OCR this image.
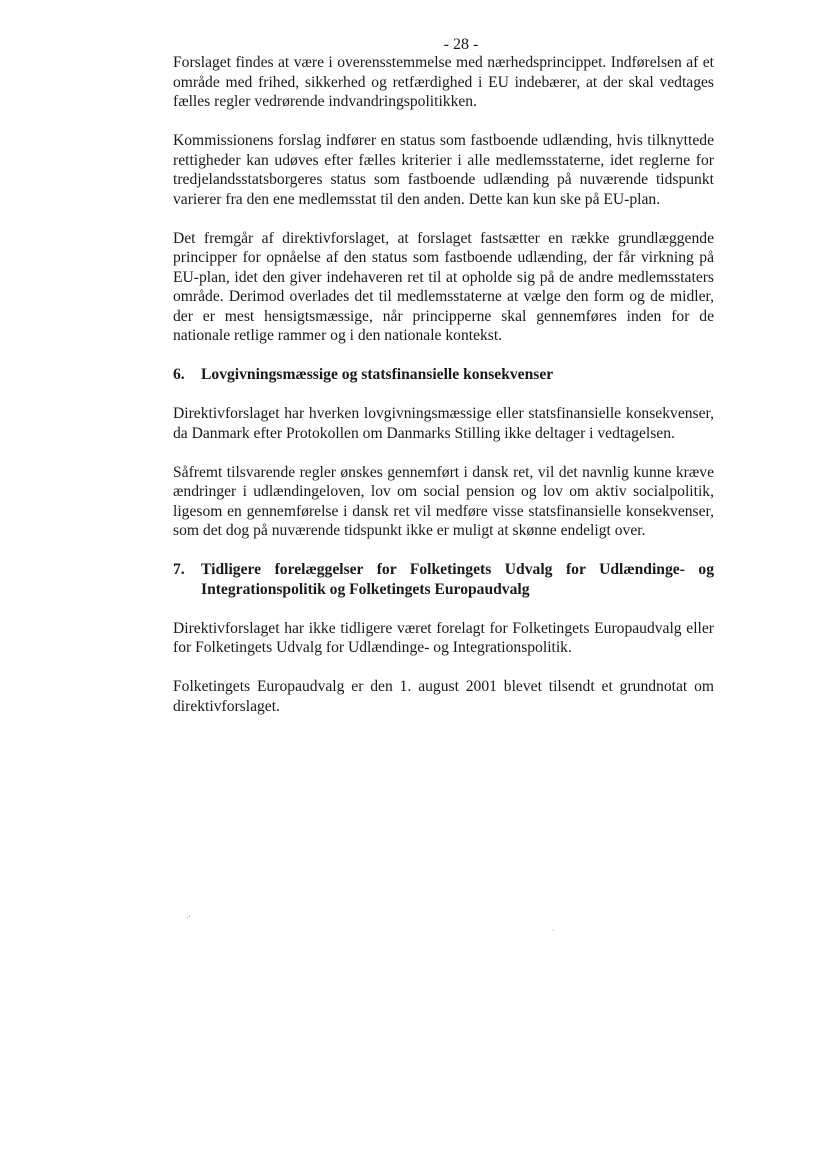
- 28 -

Forslaget findes at være i overensstemmelse med nærhedsprincippet. Indførelsen af et område med frihed, sikkerhed og retfærdighed i EU indebærer, at der skal vedtages fælles regler vedrørende indvandringspolitikken.

Kommissionens forslag indfører en status som fastboende udlænding, hvis tilknyttede rettigheder kan udøves efter fælles kriterier i alle medlemsstaterne, idet reglerne for tredjelandsstatsborgeres status som fastboende udlænding på nuværende tidspunkt varierer fra den ene medlemsstat til den anden. Dette kan kun ske på EU-plan.

Det fremgår af direktivforslaget, at forslaget fastsætter en række grundlæggende principper for opnåelse af den status som fastboende udlænding, der får virkning på EU-plan, idet den giver indehaveren ret til at opholde sig på de andre medlemsstaters område. Derimod overlades det til medlemsstaterne at vælge den form og de midler, der er mest hensigtsmæssige, når principperne skal gennemføres inden for de nationale retlige rammer og i den nationale kontekst.

6.	Lovgivningsmæssige og statsfinansielle konsekvenser

Direktivforslaget har hverken lovgivningsmæssige eller statsfinansielle konsekvenser, da Danmark efter Protokollen om Danmarks Stilling ikke deltager i vedtagelsen.

Såfremt tilsvarende regler ønskes gennemført i dansk ret, vil det navnlig kunne kræve ændringer i udlændingeloven, lov om social pension og lov om aktiv socialpolitik, ligesom en gennemførelse i dansk ret vil medføre visse statsfinansielle konsekvenser, som det dog på nuværende tidspunkt ikke er muligt at skønne endeligt over.

7.	Tidligere forelæggelser for Folketingets Udvalg for Udlændinge- og Integrationspolitik og Folketingets Europaudvalg

Direktivforslaget har ikke tidligere været forelagt for Folketingets Europaudvalg eller for Folketingets Udvalg for Udlændinge- og Integrationspolitik.

Folketingets Europaudvalg er den 1. august 2001 blevet tilsendt et grundnotat om direktivforslaget.

·'
·
